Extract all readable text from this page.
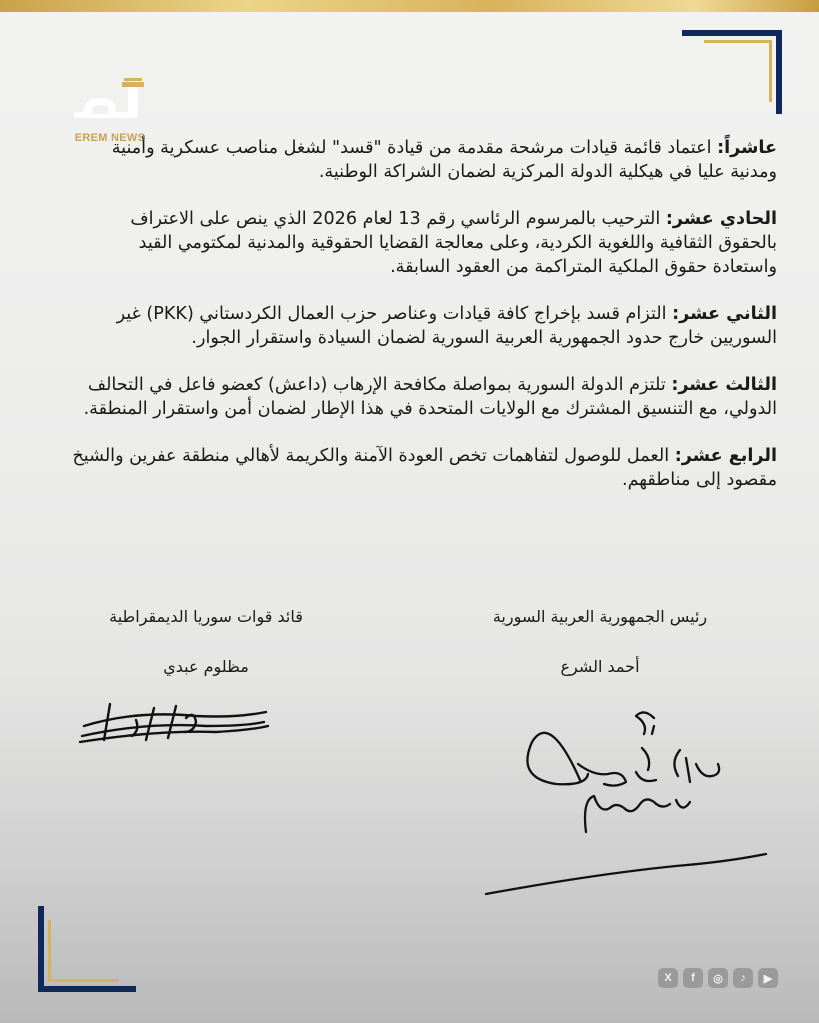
EREM NEWS	عاشراً: اعتماد قائمة قيادات مرشحة مقدمة من قيادة "قسد" لشغل مناصب عسكرية وأمنية ومدنية عليا في هيكلية الدولة المركزية لضمان الشراكة الوطنية.

الحادي عشر: الترحيب بالمرسوم الرئاسي رقم 13 لعام 2026 الذي ينص على الاعتراف بالحقوق الثقافية واللغوية الكردية، وعلى معالجة القضايا الحقوقية والمدنية لمكتومي القيد واستعادة حقوق الملكية المتراكمة من العقود السابقة.

الثاني عشر: التزام قسد بإخراج كافة قيادات وعناصر حزب العمال الكردستاني (PKK) غير السوريين خارج حدود الجمهورية العربية السورية لضمان السيادة واستقرار الجوار.

الثالث عشر: تلتزم الدولة السورية بمواصلة مكافحة الإرهاب (داعش) كعضو فاعل في التحالف الدولي، مع التنسيق المشترك مع الولايات المتحدة في هذا الإطار لضمان أمن واستقرار المنطقة.

الرابع عشر: العمل للوصول لتفاهمات تخص العودة الآمنة والكريمة لأهالي منطقة عفرين والشيخ مقصود إلى مناطقهم.

قائد قوات سوريا الديمقراطية
مظلوم عبدي
رئيس الجمهورية العربية السورية
أحمد الشرع
X f ◎ ♪ ▶
